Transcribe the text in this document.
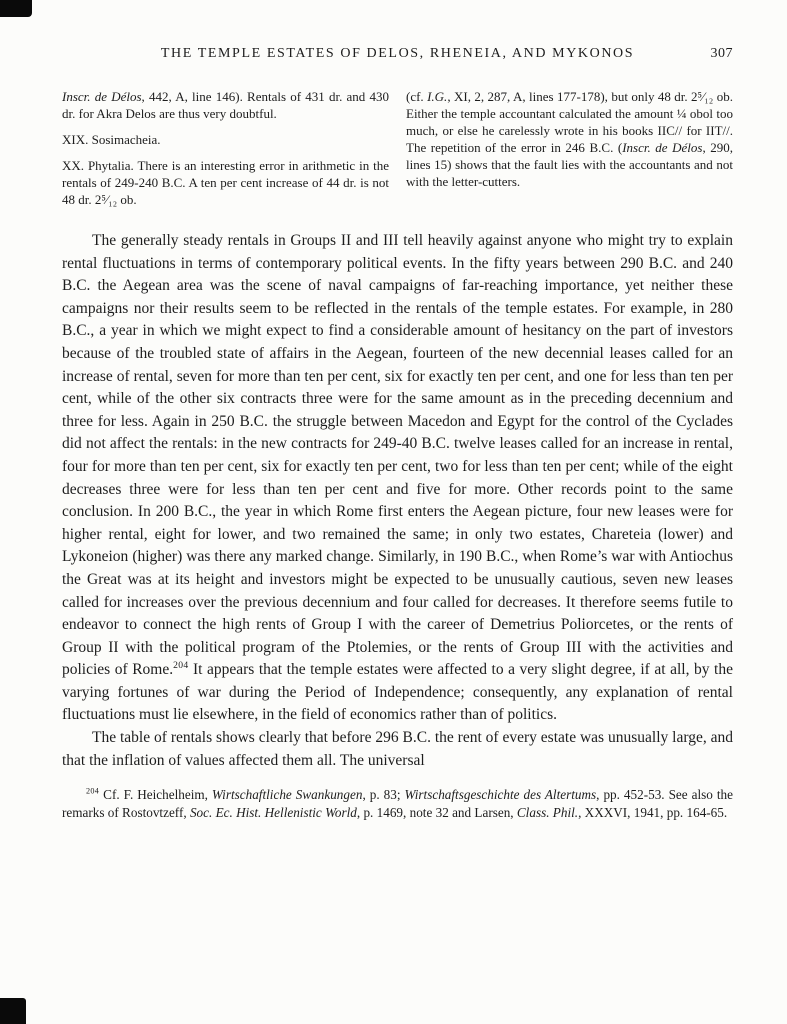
THE TEMPLE ESTATES OF DELOS, RHENEIA, AND MYKONOS	307

Inscr. de Délos, 442, A, line 146). Rentals of 431 dr. and 430 dr. for Akra Delos are thus very doubtful.

XIX. Sosimacheia.

XX. Phytalia. There is an interesting error in arithmetic in the rentals of 249-240 B.C. A ten per cent increase of 44 dr. is not 48 dr. 2⁵⁄₁₂ ob.

(cf. I.G., XI, 2, 287, A, lines 177-178), but only 48 dr. 2⁵⁄₁₂ ob. Either the temple accountant calculated the amount ¼ obol too much, or else he carelessly wrote in his books IIC// for IIT//. The repetition of the error in 246 B.C. (Inscr. de Délos, 290, lines 15) shows that the fault lies with the accountants and not with the letter-cutters.

The generally steady rentals in Groups II and III tell heavily against anyone who might try to explain rental fluctuations in terms of contemporary political events. In the fifty years between 290 B.C. and 240 B.C. the Aegean area was the scene of naval campaigns of far-reaching importance, yet neither these campaigns nor their results seem to be reflected in the rentals of the temple estates. For example, in 280 B.C., a year in which we might expect to find a considerable amount of hesitancy on the part of investors because of the troubled state of affairs in the Aegean, fourteen of the new decennial leases called for an increase of rental, seven for more than ten per cent, six for exactly ten per cent, and one for less than ten per cent, while of the other six contracts three were for the same amount as in the preceding decennium and three for less. Again in 250 B.C. the struggle between Macedon and Egypt for the control of the Cyclades did not affect the rentals: in the new contracts for 249-40 B.C. twelve leases called for an increase in rental, four for more than ten per cent, six for exactly ten per cent, two for less than ten per cent; while of the eight decreases three were for less than ten per cent and five for more. Other records point to the same conclusion. In 200 B.C., the year in which Rome first enters the Aegean picture, four new leases were for higher rental, eight for lower, and two remained the same; in only two estates, Chareteia (lower) and Lykoneion (higher) was there any marked change. Similarly, in 190 B.C., when Rome’s war with Antiochus the Great was at its height and investors might be expected to be unusually cautious, seven new leases called for increases over the previous decennium and four called for decreases. It therefore seems futile to endeavor to connect the high rents of Group I with the career of Demetrius Poliorcetes, or the rents of Group II with the political program of the Ptolemies, or the rents of Group III with the activities and policies of Rome.$^{204}$ It appears that the temple estates were affected to a very slight degree, if at all, by the varying fortunes of war during the Period of Independence; consequently, any explanation of rental fluctuations must lie elsewhere, in the field of economics rather than of politics.

The table of rentals shows clearly that before 296 B.C. the rent of every estate was unusually large, and that the inflation of values affected them all. The universal

$^{204}$ Cf. F. Heichelheim, Wirtschaftliche Swankungen, p. 83; Wirtschaftsgeschichte des Altertums, pp. 452-53. See also the remarks of Rostovtzeff, Soc. Ec. Hist. Hellenistic World, p. 1469, note 32 and Larsen, Class. Phil., XXXVI, 1941, pp. 164-65.
